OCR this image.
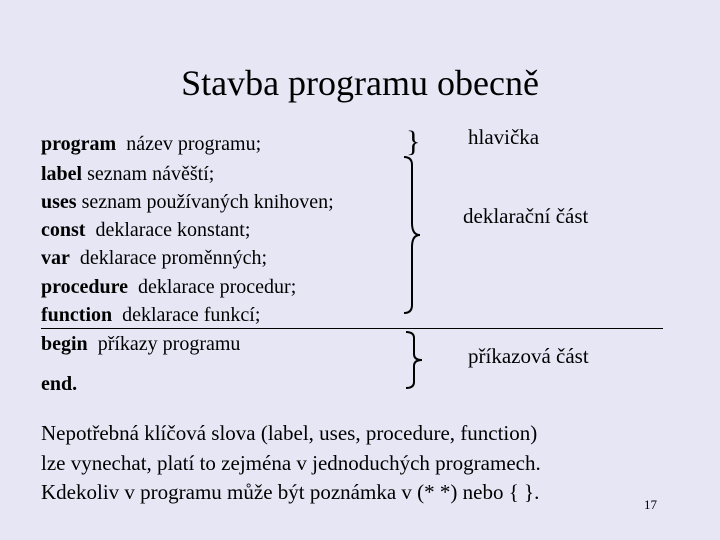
Stavba programu obecně
program název programu;
label seznam návěští;
uses seznam používaných knihoven;
const deklarace konstant;
var deklarace proměnných;
procedure deklarace procedur;
function deklarace funkcí;
begin příkazy programu
end.
} hlavička
deklarační část
příkazová část
Nepotřebná klíčová slova (label, uses, procedure, function)
lze vynechat, platí to zejména v jednoduchých programech.
Kdekoliv v programu může být poznámka v (* *) nebo { }.
17
